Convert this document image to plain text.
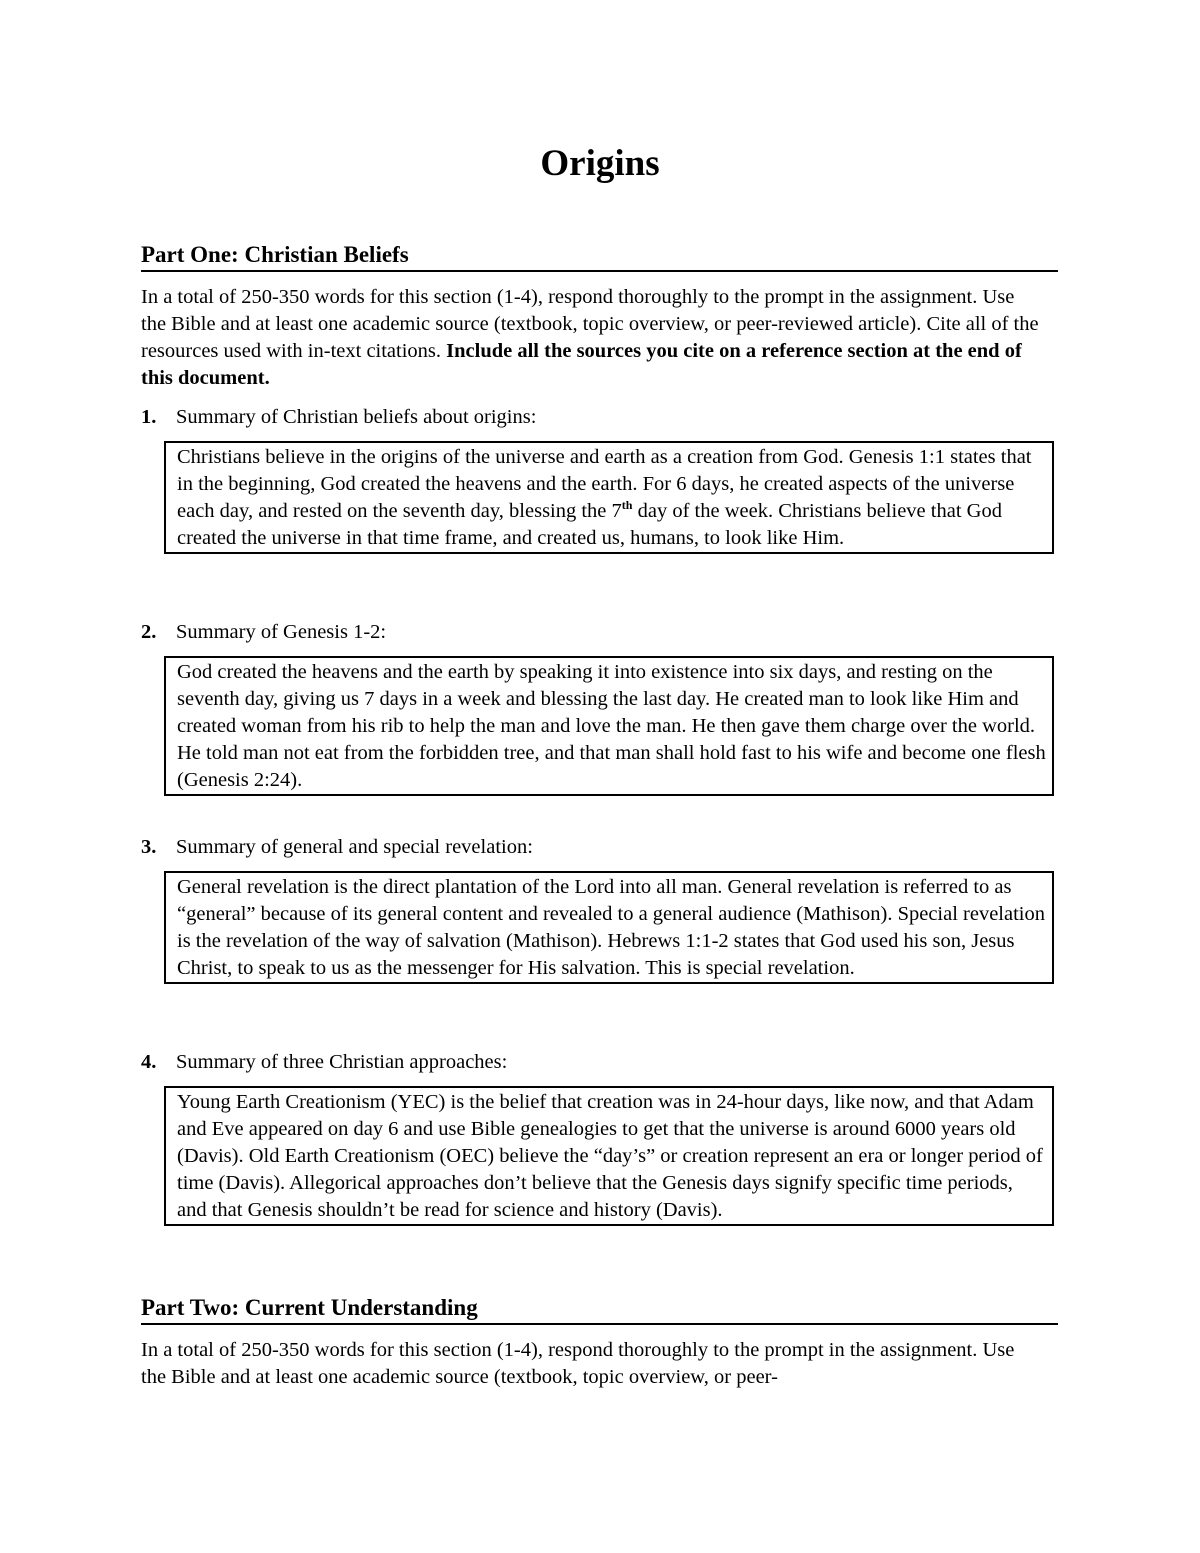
Origins
Part One: Christian Beliefs

In a total of 250-350 words for this section (1-4), respond thoroughly to the prompt in the assignment. Use the Bible and at least one academic source (textbook, topic overview, or peer-reviewed article). Cite all of the resources used with in-text citations. Include all the sources you cite on a reference section at the end of this document.

1. Summary of Christian beliefs about origins:

Christians believe in the origins of the universe and earth as a creation from God. Genesis 1:1 states that in the beginning, God created the heavens and the earth. For 6 days, he created aspects of the universe each day, and rested on the seventh day, blessing the 7th day of the week. Christians believe that God created the universe in that time frame, and created us, humans, to look like Him.

2. Summary of Genesis 1-2:

God created the heavens and the earth by speaking it into existence into six days, and resting on the seventh day, giving us 7 days in a week and blessing the last day. He created man to look like Him and created woman from his rib to help the man and love the man. He then gave them charge over the world. He told man not eat from the forbidden tree, and that man shall hold fast to his wife and become one flesh (Genesis 2:24).

3. Summary of general and special revelation:

General revelation is the direct plantation of the Lord into all man. General revelation is referred to as “general” because of its general content and revealed to a general audience (Mathison). Special revelation is the revelation of the way of salvation (Mathison). Hebrews 1:1-2 states that God used his son, Jesus Christ, to speak to us as the messenger for His salvation. This is special revelation.

4. Summary of three Christian approaches:

Young Earth Creationism (YEC) is the belief that creation was in 24-hour days, like now, and that Adam and Eve appeared on day 6 and use Bible genealogies to get that the universe is around 6000 years old (Davis). Old Earth Creationism (OEC) believe the “day’s” or creation represent an era or longer period of time (Davis). Allegorical approaches don’t believe that the Genesis days signify specific time periods, and that Genesis shouldn’t be read for science and history (Davis).
Part Two: Current Understanding

In a total of 250-350 words for this section (1-4), respond thoroughly to the prompt in the assignment. Use the Bible and at least one academic source (textbook, topic overview, or peer-
